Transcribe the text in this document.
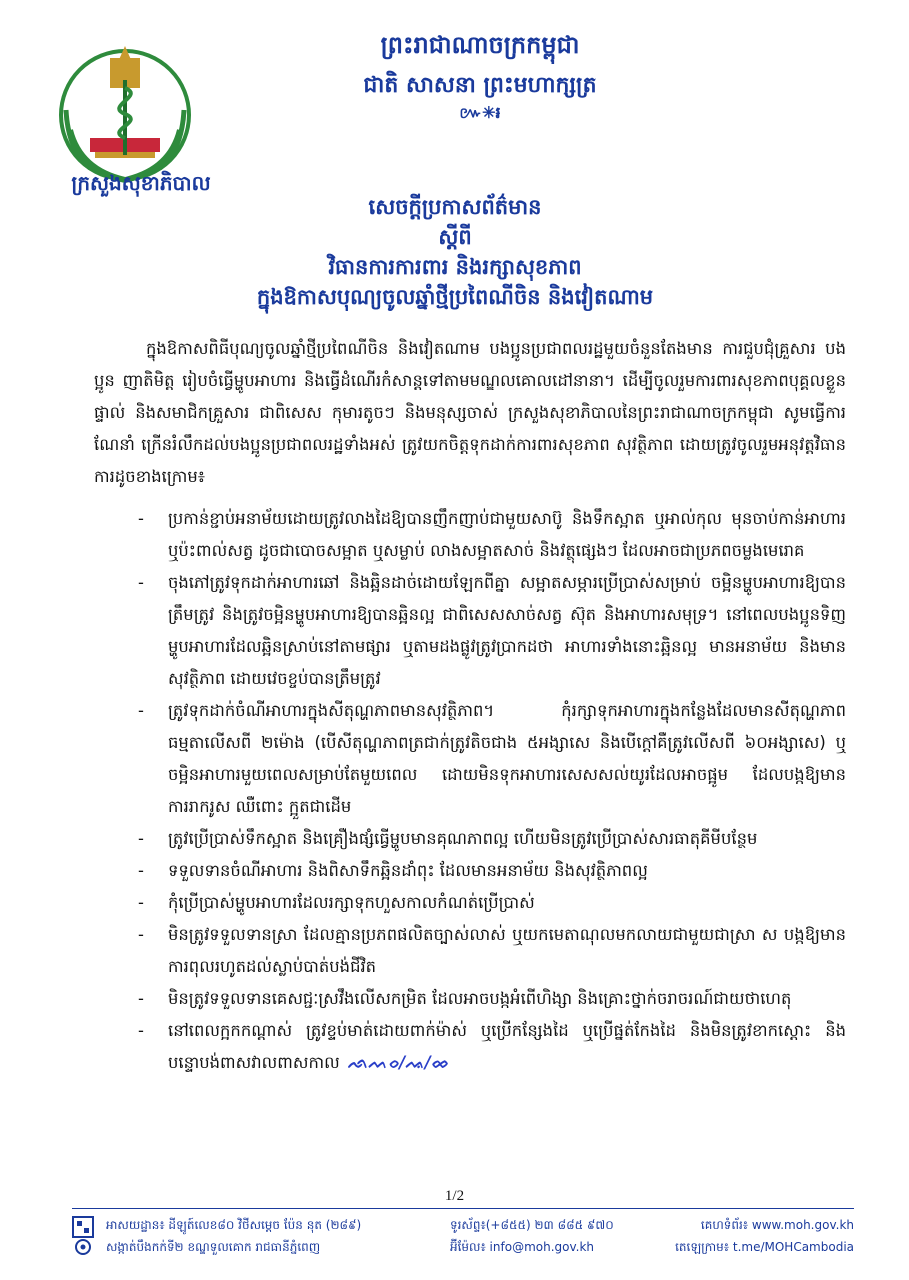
ក្រសួងសុខាភិបាល
ព្រះរាជាណាចក្រកម្ពុជា
ជាតិ សាសនា ព្រះមហាក្សត្រ
៚✳៛
សេចក្តីប្រកាសព័ត៌មាន
ស្តីពី
វិធានការការពារ និងរក្សាសុខភាព
ក្នុងឱកាសបុណ្យចូលឆ្នាំថ្មីប្រពៃណីចិន និងវៀតណាម

ក្នុងឱកាសពិធីបុណ្យចូលឆ្នាំថ្មីប្រពៃណីចិន និងវៀតណាម បងប្អូនប្រជាពលរដ្ឋមួយចំនួនតែងមាន ការជួបជុំគ្រួសារ បងប្អូន ញាតិមិត្ត រៀបចំធ្វើម្ហូបអាហារ និងធ្វើដំណើរកំសាន្តទៅតាមមណ្ឌលគោលដៅនានា។ ដើម្បីចូលរួមការពារសុខភាពបុគ្គលខ្លួនផ្ទាល់ និងសមាជិកគ្រួសារ ជាពិសេស កុមារតូចៗ និងមនុស្សចាស់ ក្រសួងសុខាភិបាលនៃព្រះរាជាណាចក្រកម្ពុជា សូមធ្វើការណែនាំ ក្រើនរំលឹកដល់បងប្អូនប្រជាពលរដ្ឋទាំងអស់ ត្រូវយកចិត្តទុកដាក់ការពារសុខភាព សុវត្ថិភាព ដោយត្រូវចូលរួមអនុវត្តវិធានការដូចខាងក្រោម៖

- ប្រកាន់ខ្ជាប់អនាម័យដោយត្រូវលាងដៃឱ្យបានញឹកញាប់ជាមួយសាប៊ូ និងទឹកស្អាត ឬអាល់កុល មុនចាប់កាន់អាហារ ឬប៉ះពាល់សត្វ ដូចជាបោចសម្អាត ឬសម្លាប់ លាងសម្អាតសាច់ និងវត្ថុផ្សេងៗ ដែលអាចជាប្រភពចម្លងមេរោគ
- ចុងភៅត្រូវទុកដាក់អាហារឆៅ និងឆ្អិនដាច់ដោយឡែកពីគ្នា សម្អាតសម្ភារប្រើប្រាស់សម្រាប់ ចម្អិនម្ហូបអាហារឱ្យបានត្រឹមត្រូវ និងត្រូវចម្អិនម្ហូបអាហារឱ្យបានឆ្អិនល្អ ជាពិសេសសាច់សត្វ ស៊ុត និងអាហារសមុទ្រ។ នៅពេលបងប្អូនទិញម្ហូបអាហារដែលឆ្អិនស្រាប់នៅតាមផ្សារ ឬតាមដងផ្លូវត្រូវប្រាកដថា អាហារទាំងនោះឆ្អិនល្អ មានអនាម័យ និងមានសុវត្ថិភាព ដោយវេចខ្ចប់បានត្រឹមត្រូវ
- ត្រូវទុកដាក់ចំណីអាហារក្នុងសីតុណ្ហភាពមានសុវត្ថិភាព។ កុំរក្សាទុកអាហារក្នុងកន្លែងដែលមានសីតុណ្ហភាពធម្មតាលើសពី ២ម៉ោង (បើសីតុណ្ហភាពត្រជាក់ត្រូវតិចជាង ៥អង្សាសេ និងបើក្តៅគឺត្រូវលើសពី ៦០អង្សាសេ) ឬ ចម្អិនអាហារមួយពេលសម្រាប់តែមួយពេល ដោយមិនទុកអាហារសេសសល់យូរដែលអាចផ្អូម ដែលបង្កឱ្យមានការរាករូស ឈឺពោះ ក្អួតជាដើម
- ត្រូវប្រើប្រាស់ទឹកស្អាត និងគ្រឿងផ្សំធ្វើម្ហូបមានគុណភាពល្អ ហើយមិនត្រូវប្រើប្រាស់សារធាតុគីមីបន្ថែម
- ទទួលទានចំណីអាហារ និងពិសាទឹកឆ្អិនដាំពុះ ដែលមានអនាម័យ និងសុវត្ថិភាពល្អ
- កុំប្រើប្រាស់ម្ហូបអាហារដែលរក្សាទុកហួសកាលកំណត់ប្រើប្រាស់
- មិនត្រូវទទួលទានស្រា ដែលគ្មានប្រភពផលិតច្បាស់លាស់ ឬយកមេតាណុលមកលាយជាមួយជាស្រា ស បង្កឱ្យមានការពុលរហូតដល់ស្លាប់បាត់បង់ជីវិត
- មិនត្រូវទទួលទានគេសជ្ជៈស្រវឹងលើសកម្រិត ដែលអាចបង្កអំពើហិង្សា និងគ្រោះថ្នាក់ចរាចរណ៍ជាយថាហេតុ
- នៅពេលក្អកកណ្តាស់ ត្រូវខ្ទប់មាត់ដោយពាក់ម៉ាស់ ឬប្រើកន្សែងដៃ ឬប្រើផ្នត់កែងដៃ និងមិនត្រូវខាកស្តោះ និងបន្ទោបង់ពាសវាលពាសកាល ᨒᨓᨔ/ᨕ/ᨖ
1/2
អាសយដ្ឋាន៖ ដីឡូត៍លេខ៨០ វិថីសម្តេច ប៉ែន នុត (២៨៩)
សង្កាត់បឹងកក់ទី២ ខណ្ឌទួលគោក រាជធានីភ្នំពេញ
ទូរស័ព្ទ៖(+៨៥៥) ២៣ ៨៨៥ ៩៧០
អ៊ីម៉ែល៖ info@moh.gov.kh
គេហទំព័រ៖ www.moh.gov.kh
តេឡេក្រាម៖ t.me/MOHCambodia
